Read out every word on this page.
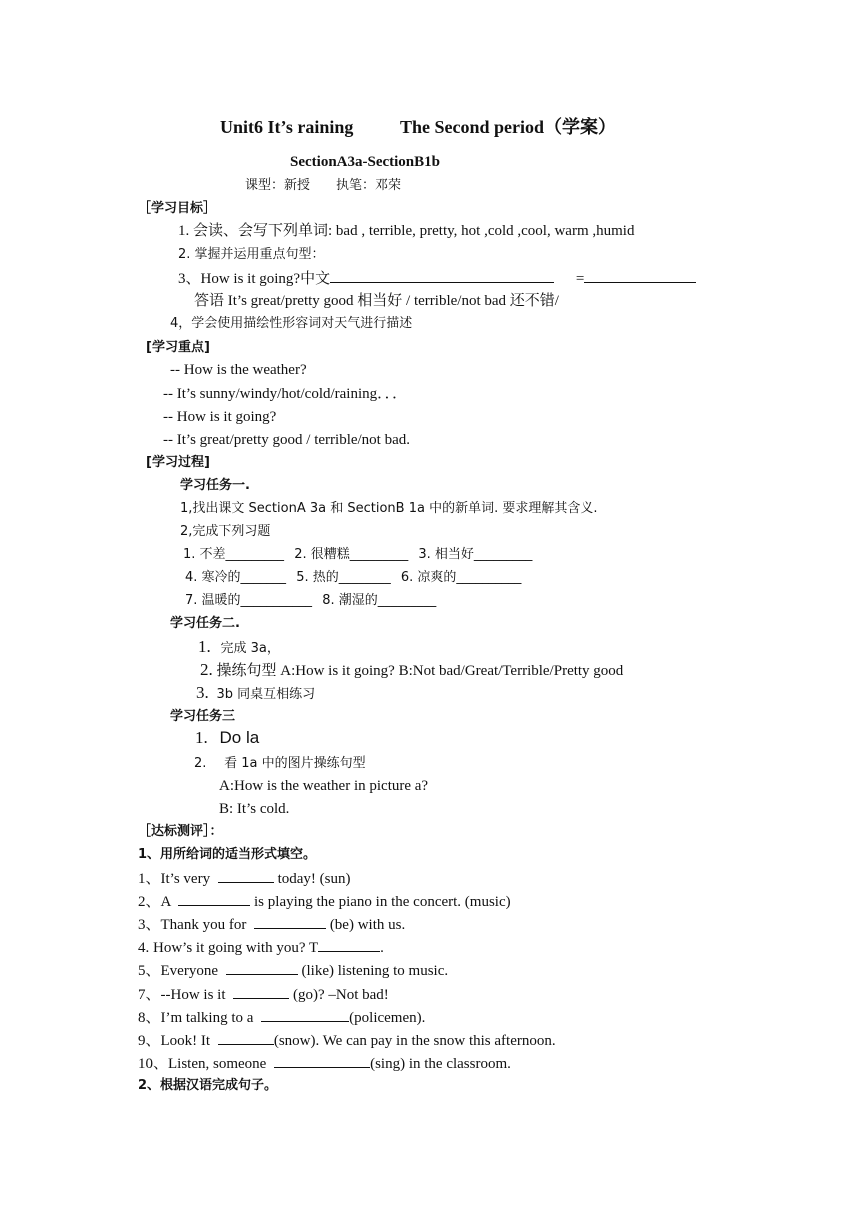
Unit6 It’s raining	The Second period（学案）
SectionA3a-SectionB1b
课型：新授　　执笔：邓荣
［学习目标］
1. 会读、会写下列单词: bad , terrible, pretty, hot ,cold ,cool, warm ,humid
2. 掌握并运用重点句型：
3、How is it going?中文	=
答语 It’s great/pretty good 相当好 / terrible/not bad 还不错/
4，学会使用描绘性形容词对天气进行描述
[学习重点]
-- How is the weather?
-- It’s sunny/windy/hot/cold/raining．．．
-- How is it going?
-- It’s great/pretty good / terrible/not bad.
[学习过程]
学习任务一.
1,找出课文 SectionA 3a 和 SectionB 1a 中的新单词. 要求理解其含义.
2,完成下列习题
1. 不差_________ 2. 很糟糕_________ 3. 相当好_________
4. 寒冷的_______ 5. 热的________ 6. 凉爽的__________
7. 温暖的___________ 8. 潮湿的_________
学习任务二.
1. 完成 3a，
2. 操练句型 A:How is it going? B:Not bad/Great/Terrible/Pretty good
3. 3b 同桌互相练习
学习任务三
1. Do la
2. 看 1a 中的图片操练句型
A:How is the weather in picture a?
B: It’s cold.
［达标测评］：
1、用所给词的适当形式填空。
1、It’s very	today! (sun)
2、A	is playing the piano in the concert. (music)
3、Thank you for	(be) with us.
4. How’s it going with you? T	.
5、Everyone	(like) listening to music.
7、--How is it	(go)? –Not bad!
8、I’m talking to a	(policemen).
9、Look! It	(snow). We can pay in the snow this afternoon.
10、Listen, someone	(sing) in the classroom.
2、根据汉语完成句子。
